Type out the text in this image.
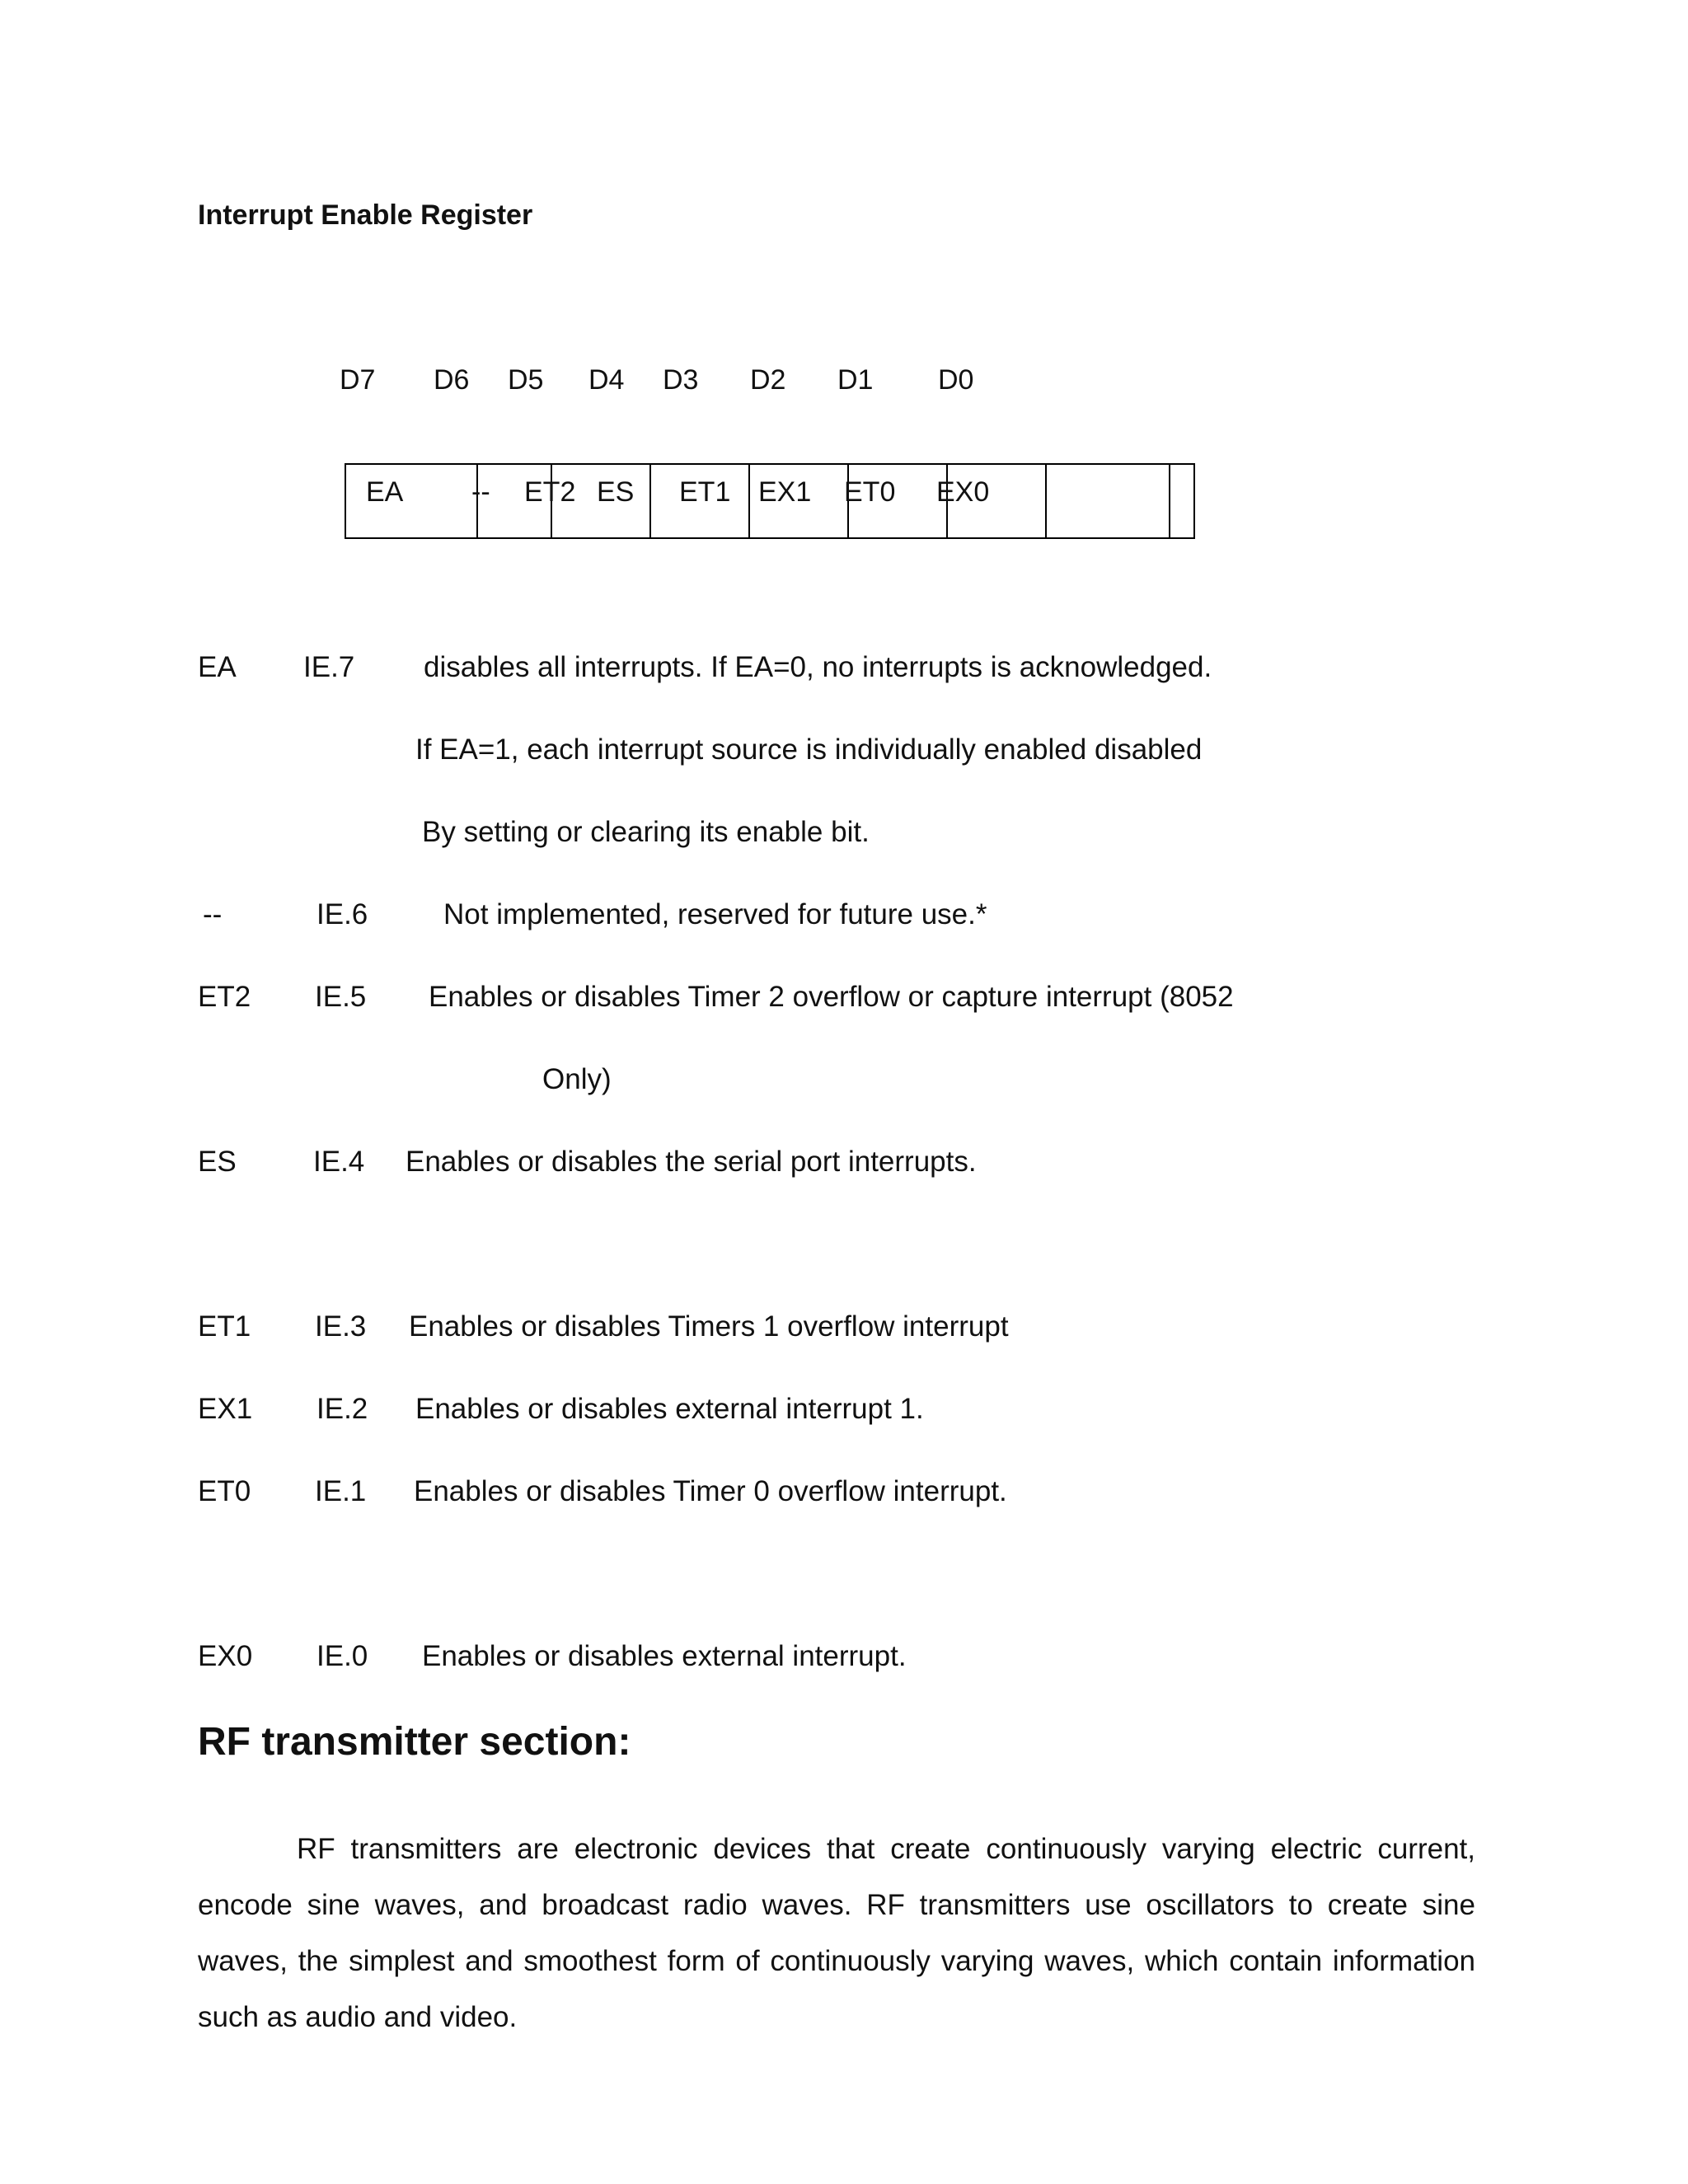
Interrupt Enable Register
D7 D6 D5 D4 D3 D2 D1 D0
EA -- ET2 ES ET1 EX1 ET0 EX0
EA IE.7 disables all interrupts. If EA=0, no interrupts is acknowledged.
If EA=1, each interrupt source is individually enabled disabled
By setting or clearing its enable bit.
--	IE.6	Not implemented, reserved for future use.*
ET2 IE.5 Enables or disables Timer 2 overflow or capture interrupt (8052
Only)
ES	IE.4 Enables or disables the serial port interrupts.
ET1 IE.3 Enables or disables Timers 1 overflow interrupt
EX1 IE.2 Enables or disables external interrupt 1.
ET0 IE.1 Enables or disables Timer 0 overflow interrupt.
EX0 IE.0 Enables or disables external interrupt.
RF transmitter section:
RF transmitters are electronic devices that create continuously varying electric current, encode sine waves, and broadcast radio waves. RF transmitters use oscillators to create sine waves, the simplest and smoothest form of continuously varying waves, which contain information such as audio and video.
